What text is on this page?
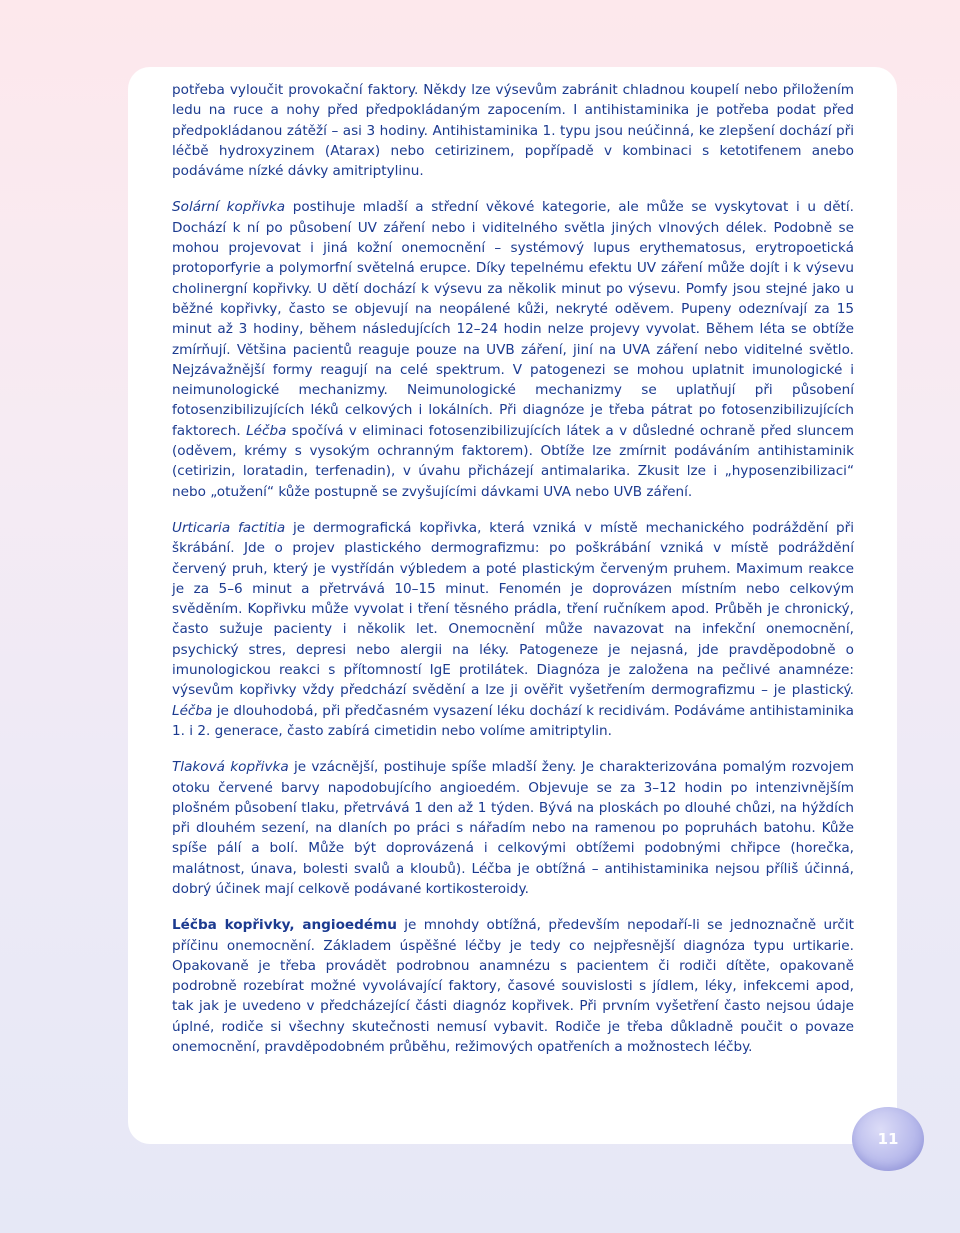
potřeba vyloučit provokační faktory. Někdy lze výsevům zabránit chladnou koupelí nebo přiložením ledu na ruce a nohy před předpokládaným zapocením. I antihistaminika je potřeba podat před předpokládanou zátěží – asi 3 hodiny. Antihistaminika 1. typu jsou neúčinná, ke zlepšení dochází při léčbě hydroxyzinem (Atarax) nebo cetirizinem, popřípadě v kombinaci s ketotifenem anebo podáváme nízké dávky amitriptylinu.

Solární kopřivka postihuje mladší a střední věkové kategorie, ale může se vyskytovat i u dětí. Dochází k ní po působení UV záření nebo i viditelného světla jiných vlnových délek. Podobně se mohou projevovat i jiná kožní onemocnění – systémový lupus erythematosus, erytropoetická protoporfyrie a polymorfní světelná erupce. Díky tepelnému efektu UV záření může dojít i k výsevu cholinergní kopřivky. U dětí dochází k výsevu za několik minut po výsevu. Pomfy jsou stejné jako u běžné kopřivky, často se objevují na neopálené kůži, nekryté oděvem. Pupeny odeznívají za 15 minut až 3 hodiny, během následujících 12–24 hodin nelze projevy vyvolat. Během léta se obtíže zmírňují. Většina pacientů reaguje pouze na UVB záření, jiní na UVA záření nebo viditelné světlo. Nejzávažnější formy reagují na celé spektrum. V patogenezi se mohou uplatnit imunologické i neimunologické mechanizmy. Neimunologické mechanizmy se uplatňují při působení fotosenzibilizujících léků celkových i lokálních. Při diagnóze je třeba pátrat po fotosenzibilizujících faktorech. Léčba spočívá v eliminaci fotosenzibilizujících látek a v důsledné ochraně před sluncem (oděvem, krémy s vysokým ochranným faktorem). Obtíže lze zmírnit podáváním antihistaminik (cetirizin, loratadin, terfenadin), v úvahu přicházejí antimalarika. Zkusit lze i „hyposenzibilizaci“ nebo „otužení“ kůže postupně se zvyšujícími dávkami UVA nebo UVB záření.

Urticaria factitia je dermografická kopřivka, která vzniká v místě mechanického podráždění při škrábání. Jde o projev plastického dermografizmu: po poškrábání vzniká v místě podráždění červený pruh, který je vystřídán výbledem a poté plastickým červeným pruhem. Maximum reakce je za 5–6 minut a přetrvává 10–15 minut. Fenomén je doprovázen místním nebo celkovým svěděním. Kopřivku může vyvolat i tření těsného prádla, tření ručníkem apod. Průběh je chronický, často sužuje pacienty i několik let. Onemocnění může navazovat na infekční onemocnění, psychický stres, depresi nebo alergii na léky. Patogeneze je nejasná, jde pravděpodobně o imunologickou reakci s přítomností IgE protilátek. Diagnóza je založena na pečlivé anamnéze: výsevům kopřivky vždy předchází svědění a lze ji ověřit vyšetřením dermografizmu – je plastický. Léčba je dlouhodobá, při předčasném vysazení léku dochází k recidivám. Podáváme antihistaminika 1. i 2. generace, často zabírá cimetidin nebo volíme amitriptylin.

Tlaková kopřivka je vzácnější, postihuje spíše mladší ženy. Je charakterizována pomalým rozvojem otoku červené barvy napodobujícího angioedém. Objevuje se za 3–12 hodin po intenzivnějším plošném působení tlaku, přetrvává 1 den až 1 týden. Bývá na ploskách po dlouhé chůzi, na hýždích při dlouhém sezení, na dlaních po práci s nářadím nebo na ramenou po popruhách batohu. Kůže spíše pálí a bolí. Může být doprovázená i celkovými obtížemi podobnými chřipce (horečka, malátnost, únava, bolesti svalů a kloubů). Léčba je obtížná – antihistaminika nejsou příliš účinná, dobrý účinek mají celkově podávané kortikosteroidy.

Léčba kopřivky, angioedému je mnohdy obtížná, především nepodaří-li se jednoznačně určit příčinu onemocnění. Základem úspěšné léčby je tedy co nejpřesnější diagnóza typu urtikarie. Opakovaně je třeba provádět podrobnou anamnézu s pacientem či rodiči dítěte, opakovaně podrobně rozebírat možné vyvolávající faktory, časové souvislosti s jídlem, léky, infekcemi apod, tak jak je uvedeno v předcházející části diagnóz kopřivek. Při prvním vyšetření často nejsou údaje úplné, rodiče si všechny skutečnosti nemusí vybavit. Rodiče je třeba důkladně poučit o povaze onemocnění, pravděpodobném průběhu, režimových opatřeních a možnostech léčby.

11
